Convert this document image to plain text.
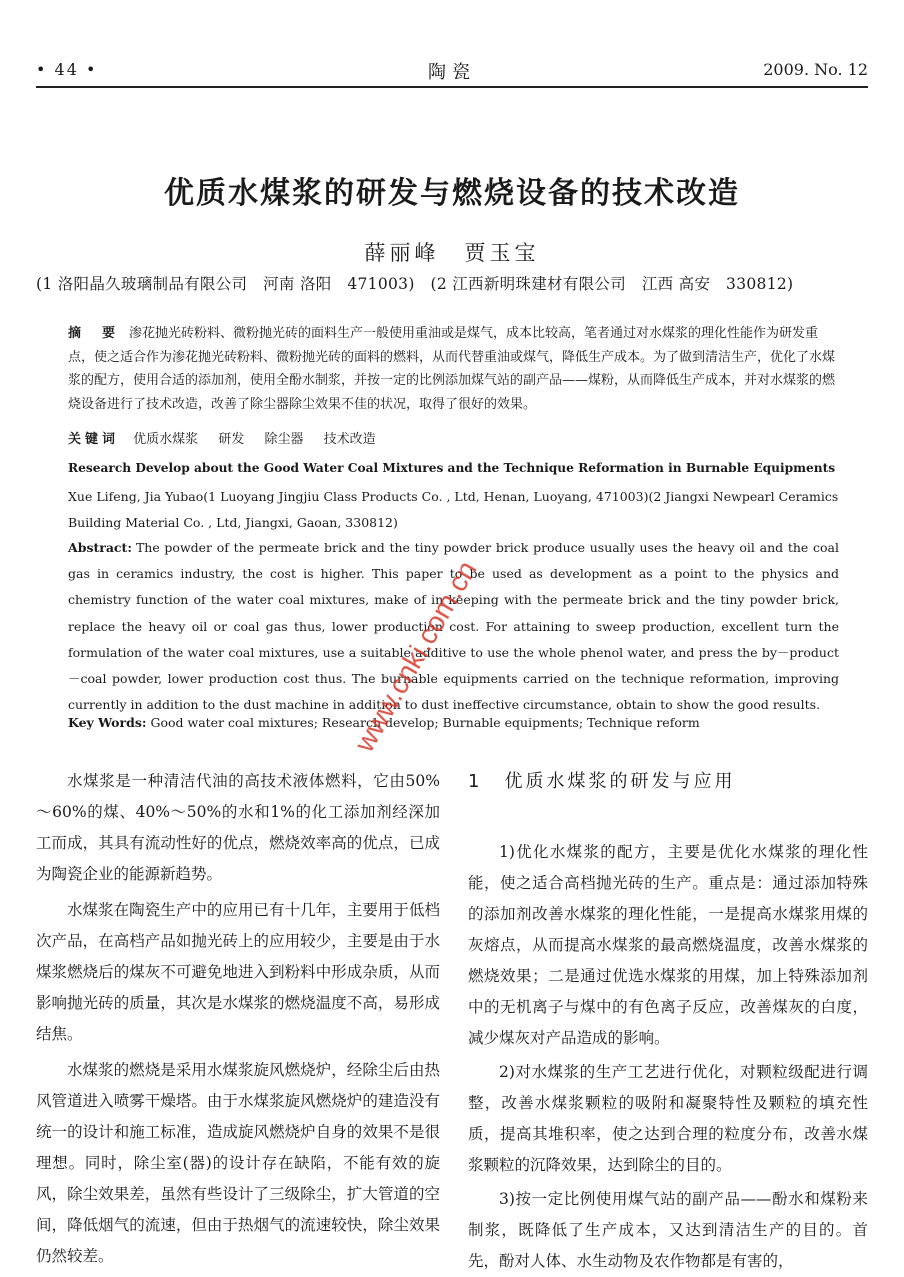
• 44 •	陶瓷	2009. No. 12
优质水煤浆的研发与燃烧设备的技术改造
薛丽峰　贾玉宝
(1 洛阳晶久玻璃制品有限公司　河南 洛阳　471003)　(2 江西新明珠建材有限公司　江西 高安　330812)
摘　要 渗花抛光砖粉料、微粉抛光砖的面料生产一般使用重油或是煤气，成本比较高，笔者通过对水煤浆的理化性能作为研发重点，使之适合作为渗花抛光砖粉料、微粉抛光砖的面料的燃料，从而代替重油或煤气，降低生产成本。为了做到清洁生产，优化了水煤浆的配方，使用合适的添加剂，使用全酚水制浆，并按一定的比例添加煤气站的副产品——煤粉，从而降低生产成本，并对水煤浆的燃烧设备进行了技术改造，改善了除尘器除尘效果不佳的状况，取得了很好的效果。
关键词 优质水煤浆 研发 除尘器 技术改造
Research Develop about the Good Water Coal Mixtures and the Technique Reformation in Burnable Equipments
Xue Lifeng, Jia Yubao(1 Luoyang Jingjiu Class Products Co. , Ltd, Henan, Luoyang, 471003)(2 Jiangxi Newpearl Ceramics Building Material Co. , Ltd, Jiangxi, Gaoan, 330812)
Abstract: The powder of the permeate brick and the tiny powder brick produce usually uses the heavy oil and the coal gas in ceramics industry, the cost is higher. This paper to be used as development as a point to the physics and chemistry function of the water coal mixtures, make of in keeping with the permeate brick and the tiny powder brick, replace the heavy oil or coal gas thus, lower production cost. For attaining to sweep production, excellent turn the formulation of the water coal mixtures, use a suitable additive to use the whole phenol water, and press the by－product－coal powder, lower production cost thus. The burnable equipments carried on the technique reformation, improving currently in addition to the dust machine in addition to dust ineffective circumstance, obtain to show the good results.
Key Words: Good water coal mixtures; Research develop; Burnable equipments; Technique reform

水煤浆是一种清洁代油的高技术液体燃料，它由50%～60%的煤、40%～50%的水和1%的化工添加剂经深加工而成，其具有流动性好的优点，燃烧效率高的优点，已成为陶瓷企业的能源新趋势。

水煤浆在陶瓷生产中的应用已有十几年，主要用于低档次产品，在高档产品如抛光砖上的应用较少，主要是由于水煤浆燃烧后的煤灰不可避免地进入到粉料中形成杂质，从而影响抛光砖的质量，其次是水煤浆的燃烧温度不高，易形成结焦。

水煤浆的燃烧是采用水煤浆旋风燃烧炉，经除尘后由热风管道进入喷雾干燥塔。由于水煤浆旋风燃烧炉的建造没有统一的设计和施工标准，造成旋风燃烧炉自身的效果不是很理想。同时，除尘室(器)的设计存在缺陷，不能有效的旋风，除尘效果差，虽然有些设计了三级除尘，扩大管道的空间，降低烟气的流速，但由于热烟气的流速较快，除尘效果仍然较差。

1 优质水煤浆的研发与应用

1)优化水煤浆的配方，主要是优化水煤浆的理化性能，使之适合高档抛光砖的生产。重点是：通过添加特殊的添加剂改善水煤浆的理化性能，一是提高水煤浆用煤的灰熔点，从而提高水煤浆的最高燃烧温度，改善水煤浆的燃烧效果；二是通过优选水煤浆的用煤，加上特殊添加剂中的无机离子与煤中的有色离子反应，改善煤灰的白度，减少煤灰对产品造成的影响。

2)对水煤浆的生产工艺进行优化，对颗粒级配进行调整，改善水煤浆颗粒的吸附和凝聚特性及颗粒的填充性质，提高其堆积率，使之达到合理的粒度分布，改善水煤浆颗粒的沉降效果，达到除尘的目的。

3)按一定比例使用煤气站的副产品——酚水和煤粉来制浆，既降低了生产成本，又达到清洁生产的目的。首先，酚对人体、水生动物及农作物都是有害的，

www.cnki.com.cn
